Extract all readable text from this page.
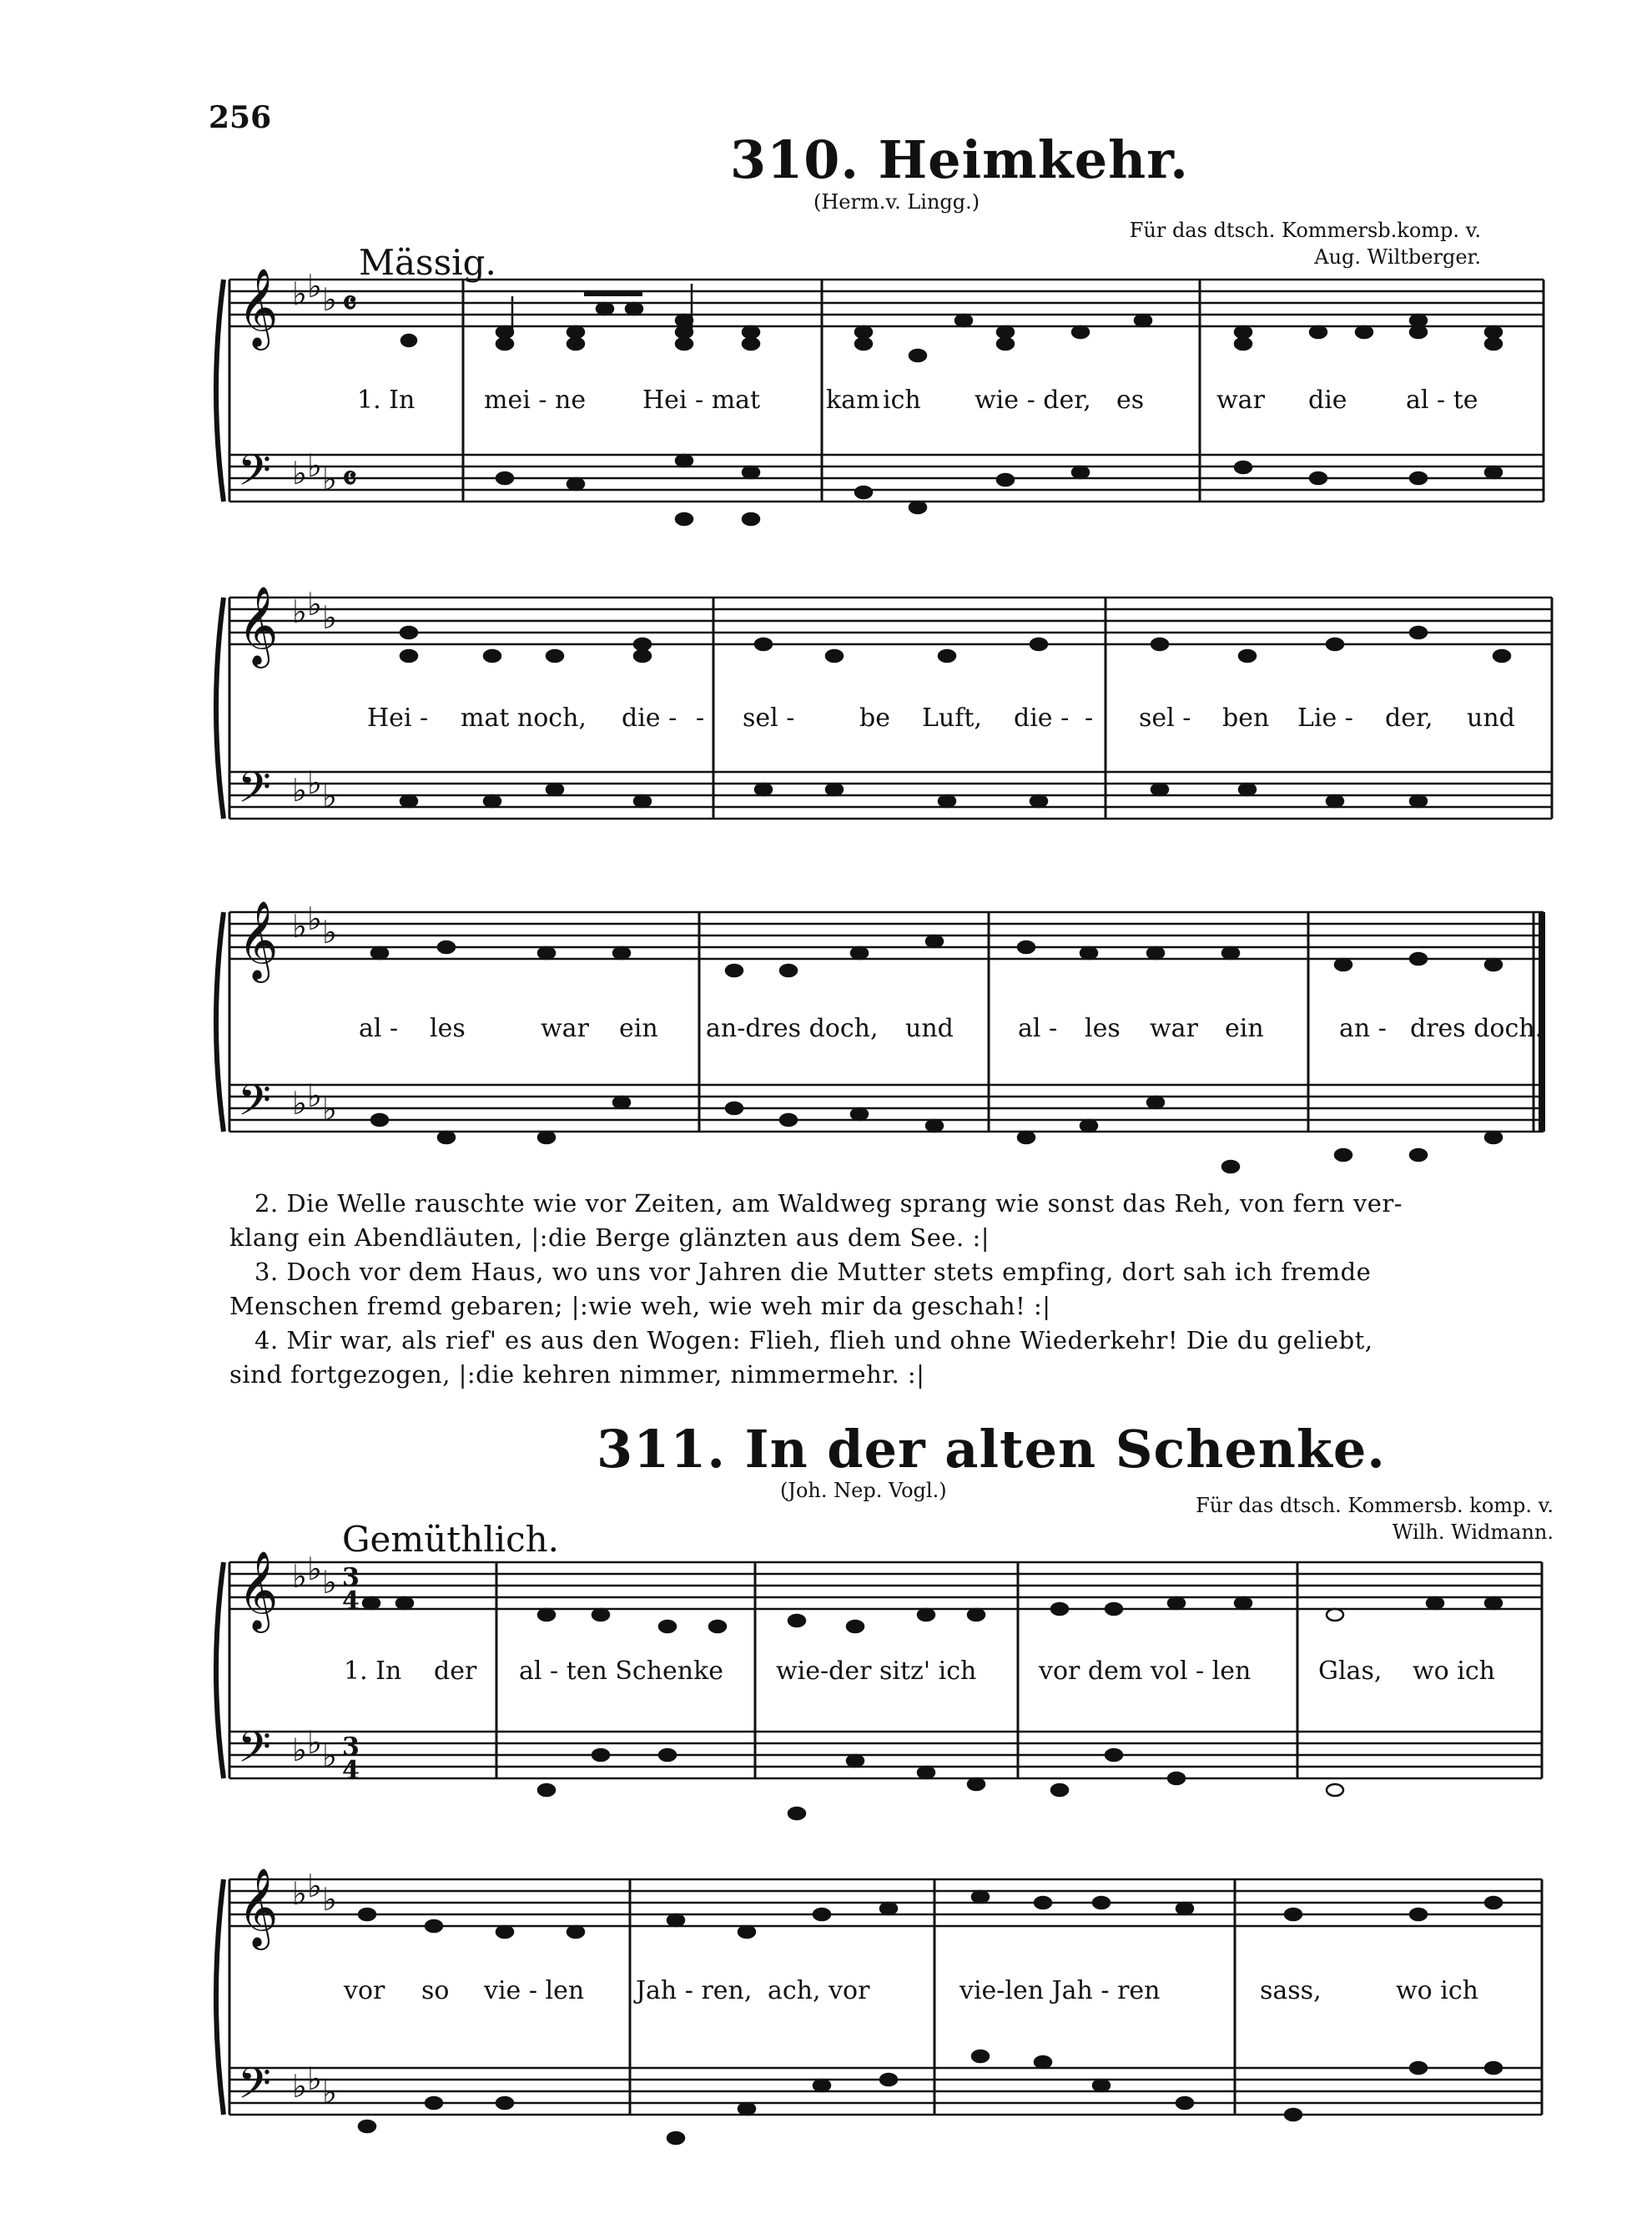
256
310. Heimkehr.
(Herm.v. Lingg.)
Für das dtsch. Kommersb.komp. v.
Aug. Wiltberger.
Mässig.
1. In	mei - ne Hei - mat	kam ich wie - der, es	war die al - te
Hei - mat noch, die - - sel -	be Luft, die - - sel - ben Lie - der, und
al - les	war ein an-dres doch, und	al - les war ein	an - dres doch.

2. Die Welle rauschte wie vor Zeiten, am Waldweg sprang wie sonst das Reh, von fern ver-

klang ein Abendläuten, |:die Berge glänzten aus dem See. :|

3. Doch vor dem Haus, wo uns vor Jahren die Mutter stets empfing, dort sah ich fremde

Menschen fremd gebaren; |:wie weh, wie weh mir da geschah! :|

4. Mir war, als rief' es aus den Wogen: Flieh, flieh und ohne Wiederkehr! Die du geliebt,

sind fortgezogen, |:die kehren nimmer, nimmermehr. :|

311. In der alten Schenke.
(Joh. Nep. Vogl.)
Für das dtsch. Kommersb. komp. v.
Wilh. Widmann.
Gemüthlich.
1. In der al - ten Schenke wie-der sitz' ich vor dem vol - len	Glas, wo ich
vor so vie - len Jah - ren, ach, vor	vie-len Jah - ren	sass,	wo ich
𝄞
𝄢
♭ ♭ ♭
♭ ♭ ♭
𝄴
𝄴
𝄞
𝄢
♭ ♭ ♭
♭ ♭ ♭
𝄞
𝄢
♭ ♭ ♭
♭ ♭ ♭
𝄞
𝄢
♭ ♭ ♭
♭ ♭ ♭
3
4
3
4
𝄞
𝄢
♭ ♭ ♭
♭ ♭ ♭
